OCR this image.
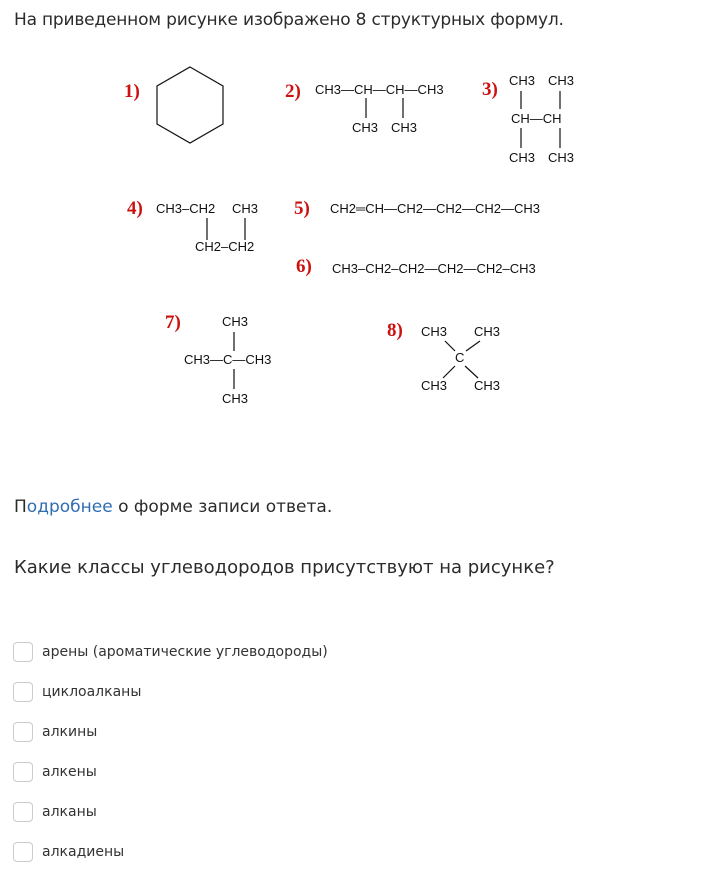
На приведенном рисунке изображено 8 структурных формул.
1)	2) CH3—CH—CH—CH3
CH3 CH3
3) CH3 CH3
CH—CH
CH3 CH3
4) CH3–CH2 CH3
CH2–CH2
5) CH2═CH—CH2—CH2—CH2—CH3
6) CH3–CH2–CH2—CH2—CH2–CH3
7)	CH3
CH3—C—CH3
CH3
8) CH3 CH3
C
CH3 CH3
Подробнее о форме записи ответа.
Какие классы углеводородов присутствуют на рисунке?
арены (ароматические углеводороды)
циклоалканы
алкины
алкены
алканы
алкадиены
